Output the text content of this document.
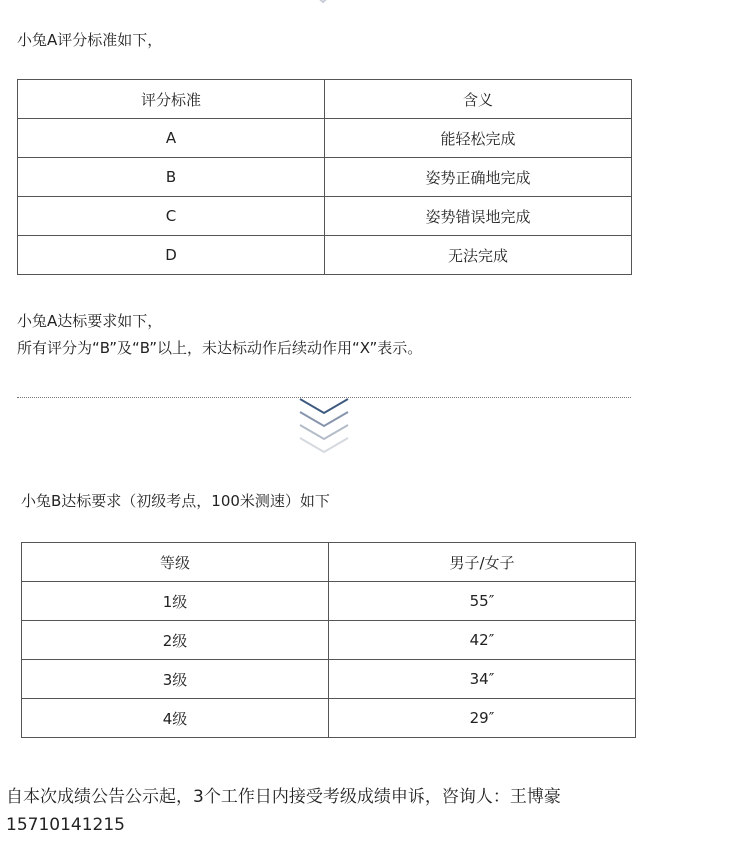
小兔A评分标准如下，
评分标准	含义
A	能轻松完成
B	姿势正确地完成
C	姿势错误地完成
D	无法完成
小兔A达标要求如下，
所有评分为“B”及“B”以上，未达标动作后续动作用“X”表示。
小兔B达标要求（初级考点，100米测速）如下
等级	男子/女子
1级	55″
2级	42″
3级	34″
4级	29″
自本次成绩公告公示起，3个工作日内接受考级成绩申诉，咨询人：王博豪
15710141215
